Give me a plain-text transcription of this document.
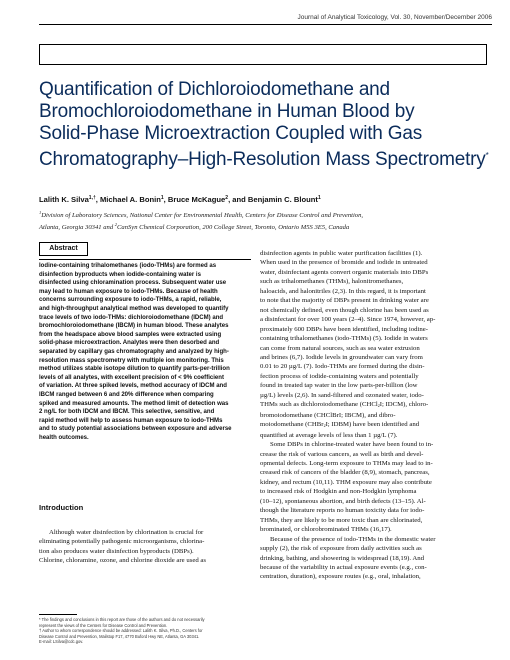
Journal of Analytical Toxicology, Vol. 30, November/December 2006
Quantification of Dichloroiodomethane and
Bromochloroiodomethane in Human Blood by
Solid-Phase Microextraction Coupled with Gas
Chromatography–High-Resolution Mass Spectrometry*
Lalith K. Silva$^{1,\dagger}$, Michael A. Bonin$^1$, Bruce McKague$^2$, and Benjamin C. Blount$^1$
$^1$Division of Laboratory Sciences, National Center for Environmental Health, Centers for Disease Control and Prevention,
Atlanta, Georgia 30341 and $^2$CanSyn Chemical Corporation, 200 College Street, Toronto, Ontario M5S 3E5, Canada
Abstract
Iodine-containing trihalomethanes (iodo-THMs) are formed as
disinfection byproducts when iodide-containing water is
disinfected using chloramination process. Subsequent water use
may lead to human exposure to iodo-THMs. Because of health
concerns surrounding exposure to iodo-THMs, a rapid, reliable,
and high-throughput analytical method was developed to quantify
trace levels of two iodo-THMs: dichloroiodomethane (IDCM) and
bromochloroiodomethane (IBCM) in human blood. These analytes
from the headspace above blood samples were extracted using
solid-phase microextraction. Analytes were then desorbed and
separated by capillary gas chromatography and analyzed by high-
resolution mass spectrometry with multiple ion monitoring. This
method utilizes stable isotope dilution to quantify parts-per-trillion
levels of all analytes, with excellent precision of < 9% coefficient
of variation. At three spiked levels, method accuracy of IDCM and
IBCM ranged between 6 and 20% difference when comparing
spiked and measured amounts. The method limit of detection was
2 ng/L for both IDCM and IBCM. This selective, sensitive, and
rapid method will help to assess human exposure to iodo-THMs
and to study potential associations between exposure and adverse
health outcomes.
Introduction
Although water disinfection by chlorination is crucial for
eliminating potentially pathogenic microorganisms, chlorina-
tion also produces water disinfection byproducts (DBPs).
Chlorine, chloramine, ozone, and chlorine dioxide are used as
* The findings and conclusions in this report are those of the authors and do not necessarily
represent the views of the Centers for Disease Control and Prevention.
† Author to whom correspondence should be addressed: Lalith K. Silva, Ph.D., Centers for
Disease Control and Prevention, Mailstop F17, 4770 Buford Hwy NE, Atlanta, GA 30341.
E-mail: LSilva@cdc.gov.
disinfection agents in public water purification facilities (1).
When used in the presence of bromide and iodide in untreated
water, disinfectant agents convert organic materials into DBPs
such as trihalomethanes (THMs), halonitromethanes,
haloacids, and halonitriles (2,3). In this regard, it is important
to note that the majority of DBPs present in drinking water are
not chemically defined, even though chlorine has been used as
a disinfectant for over 100 years (2–4). Since 1974, however, ap-
proximately 600 DBPs have been identified, including iodine-
containing trihalomethanes (iodo-THMs) (5). Iodide in waters
can come from natural sources, such as sea water extrusion
and brines (6,7). Iodide levels in groundwater can vary from
0.01 to 20 µg/L (7). Iodo-THMs are formed during the disin-
fection process of iodide-containing waters and potentially
found in treated tap water in the low parts-per-billion (low
µg/L) levels (2,6). In sand-filtered and ozonated water, iodo-
THMs such as dichloroiodomethane (CHCl$_2$I; IDCM), chloro-
bromoiodomethane (CHClBrI; IBCM), and dibro-
moiodomethane (CHBr$_2$I; IDBM) have been identified and
quantified at average levels of less than 1 µg/L (7).
Some DBPs in chlorine-treated water have been found to in-
crease the risk of various cancers, as well as birth and devel-
opmental defects. Long-term exposure to THMs may lead to in-
creased risk of cancers of the bladder (8,9), stomach, pancreas,
kidney, and rectum (10,11). THM exposure may also contribute
to increased risk of Hodgkin and non-Hodgkin lymphoma
(10–12), spontaneous abortion, and birth defects (13–15). Al-
though the literature reports no human toxicity data for iodo-
THMs, they are likely to be more toxic than are chlorinated,
brominated, or chlorobrominated THMs (16,17).
Because of the presence of iodo-THMs in the domestic water
supply (2), the risk of exposure from daily activities such as
drinking, bathing, and showering is widespread (18,19). And
because of the variability in actual exposure events (e.g., con-
centration, duration), exposure routes (e.g., oral, inhalation,
